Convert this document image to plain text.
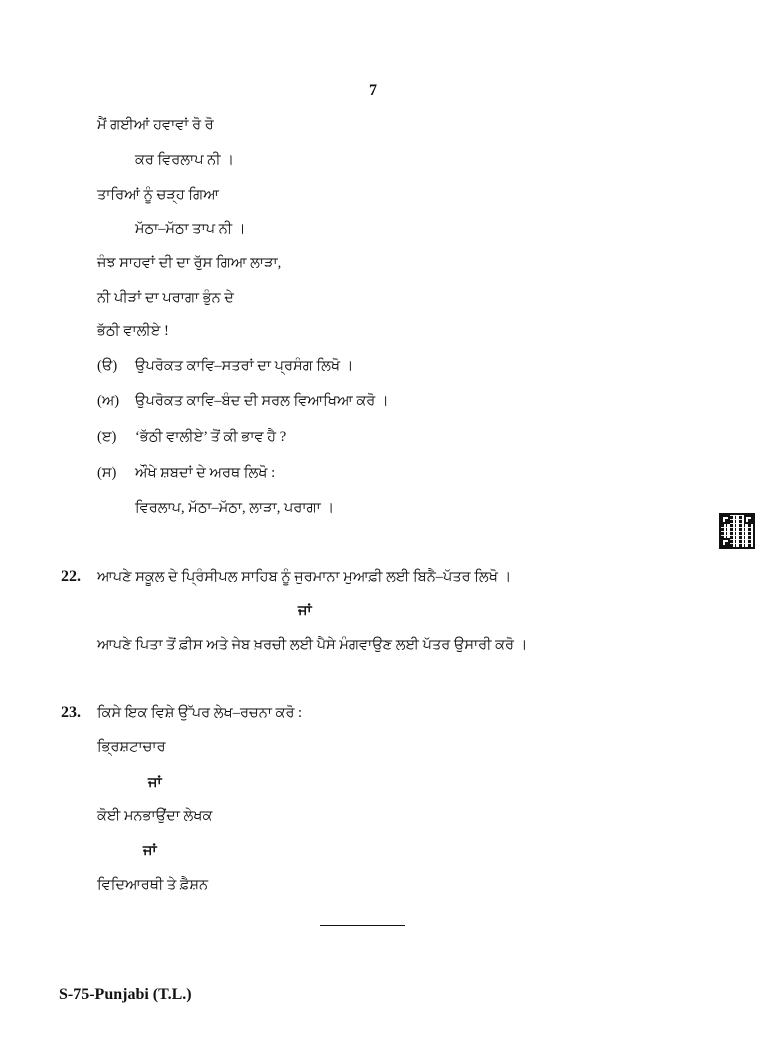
7
ਮੈਂ ਗਈਆਂ ਹਵਾਵਾਂ ਰੋ ਰੋ
ਕਰ ਵਿਰਲਾਪ ਨੀ ।
ਤਾਰਿਆਂ ਨੂੰ ਚੜ੍ਹ ਗਿਆ
ਮੱਠਾ–ਮੱਠਾ ਤਾਪ ਨੀ ।
ਜੰਝ ਸਾਹਵਾਂ ਦੀ ਦਾ ਰੁੱਸ ਗਿਆ ਲਾੜਾ,
ਨੀ ਪੀੜਾਂ ਦਾ ਪਰਾਗਾ ਭੁੰਨ ਦੇ
ਭੱਠੀ ਵਾਲੀਏ !
(ੳ) ਉਪਰੋਕਤ ਕਾਵਿ–ਸਤਰਾਂ ਦਾ ਪ੍ਰਸੰਗ ਲਿਖੋ ।
(ਅ) ਉਪਰੋਕਤ ਕਾਵਿ–ਬੰਦ ਦੀ ਸਰਲ ਵਿਆਖਿਆ ਕਰੋ ।
(ੲ) ‘ਭੱਠੀ ਵਾਲੀਏ’ ਤੋਂ ਕੀ ਭਾਵ ਹੈ ?
(ਸ) ਔਖੇ ਸ਼ਬਦਾਂ ਦੇ ਅਰਥ ਲਿਖੋ :
ਵਿਰਲਾਪ, ਮੱਠਾ–ਮੱਠਾ, ਲਾੜਾ, ਪਰਾਗਾ ।
22. ਆਪਣੇ ਸਕੂਲ ਦੇ ਪ੍ਰਿੰਸੀਪਲ ਸਾਹਿਬ ਨੂੰ ਜੁਰਮਾਨਾ ਮੁਆਫ਼ੀ ਲਈ ਬਿਨੈ–ਪੱਤਰ ਲਿਖੋ ।
ਜਾਂ
ਆਪਣੇ ਪਿਤਾ ਤੋਂ ਫ਼ੀਸ ਅਤੇ ਜੇਬ ਖ਼ਰਚੀ ਲਈ ਪੈਸੇ ਮੰਗਵਾਉਣ ਲਈ ਪੱਤਰ ਉਸਾਰੀ ਕਰੋ ।
23. ਕਿਸੇ ਇਕ ਵਿਸ਼ੇ ਉੱਪਰ ਲੇਖ–ਰਚਨਾ ਕਰੋ :
ਭ੍ਰਿਸ਼ਟਾਚਾਰ
ਜਾਂ
ਕੋਈ ਮਨਭਾਉਂਦਾ ਲੇਖਕ
ਜਾਂ
ਵਿਦਿਆਰਥੀ ਤੇ ਫ਼ੈਸ਼ਨ
S-75-Punjabi (T.L.)
